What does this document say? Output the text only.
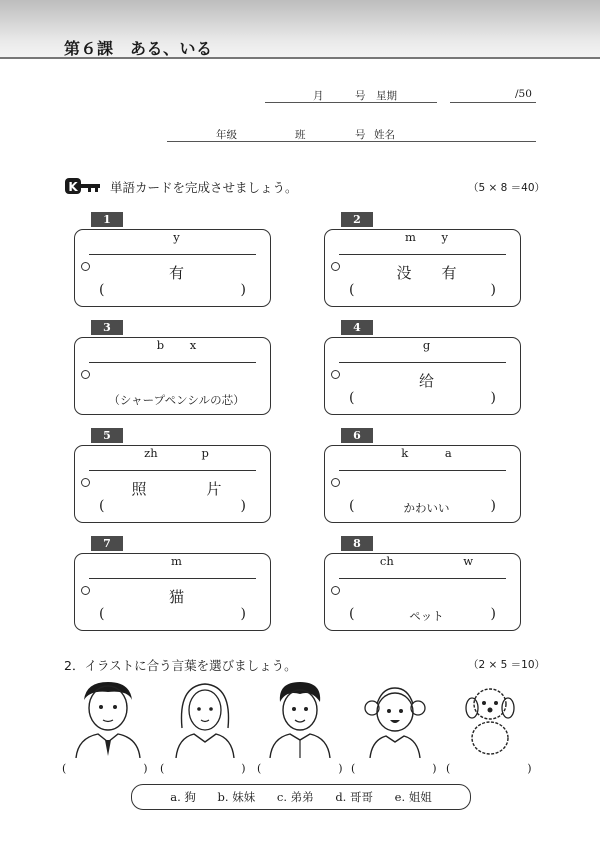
第６課　ある、いる
月	号 星期	/50
年级	班	号 姓名
K	単語カードを完成させましょう。	（5 × 8 ＝40）
1
y
有
(	)
2
m       y
没　　有
(	)
3
b       x
（シャープペンシルの芯）
4
g
给
(	)
5
zh            p
照　　　　片
(	)
6
k          a
かわいい
(	)
7
m
猫
(	)
8
ch                   w
ペット
(	)
2．イラストに合う言葉を選びましょう。	（2 × 5 ＝10）
(　　　　　　　) (　　　　　　　) (　　　　　　　) (　　　　　　　) (　　　　　　　)
a. 狗 b. 妹妹 c. 弟弟 d. 哥哥 e. 姐姐
